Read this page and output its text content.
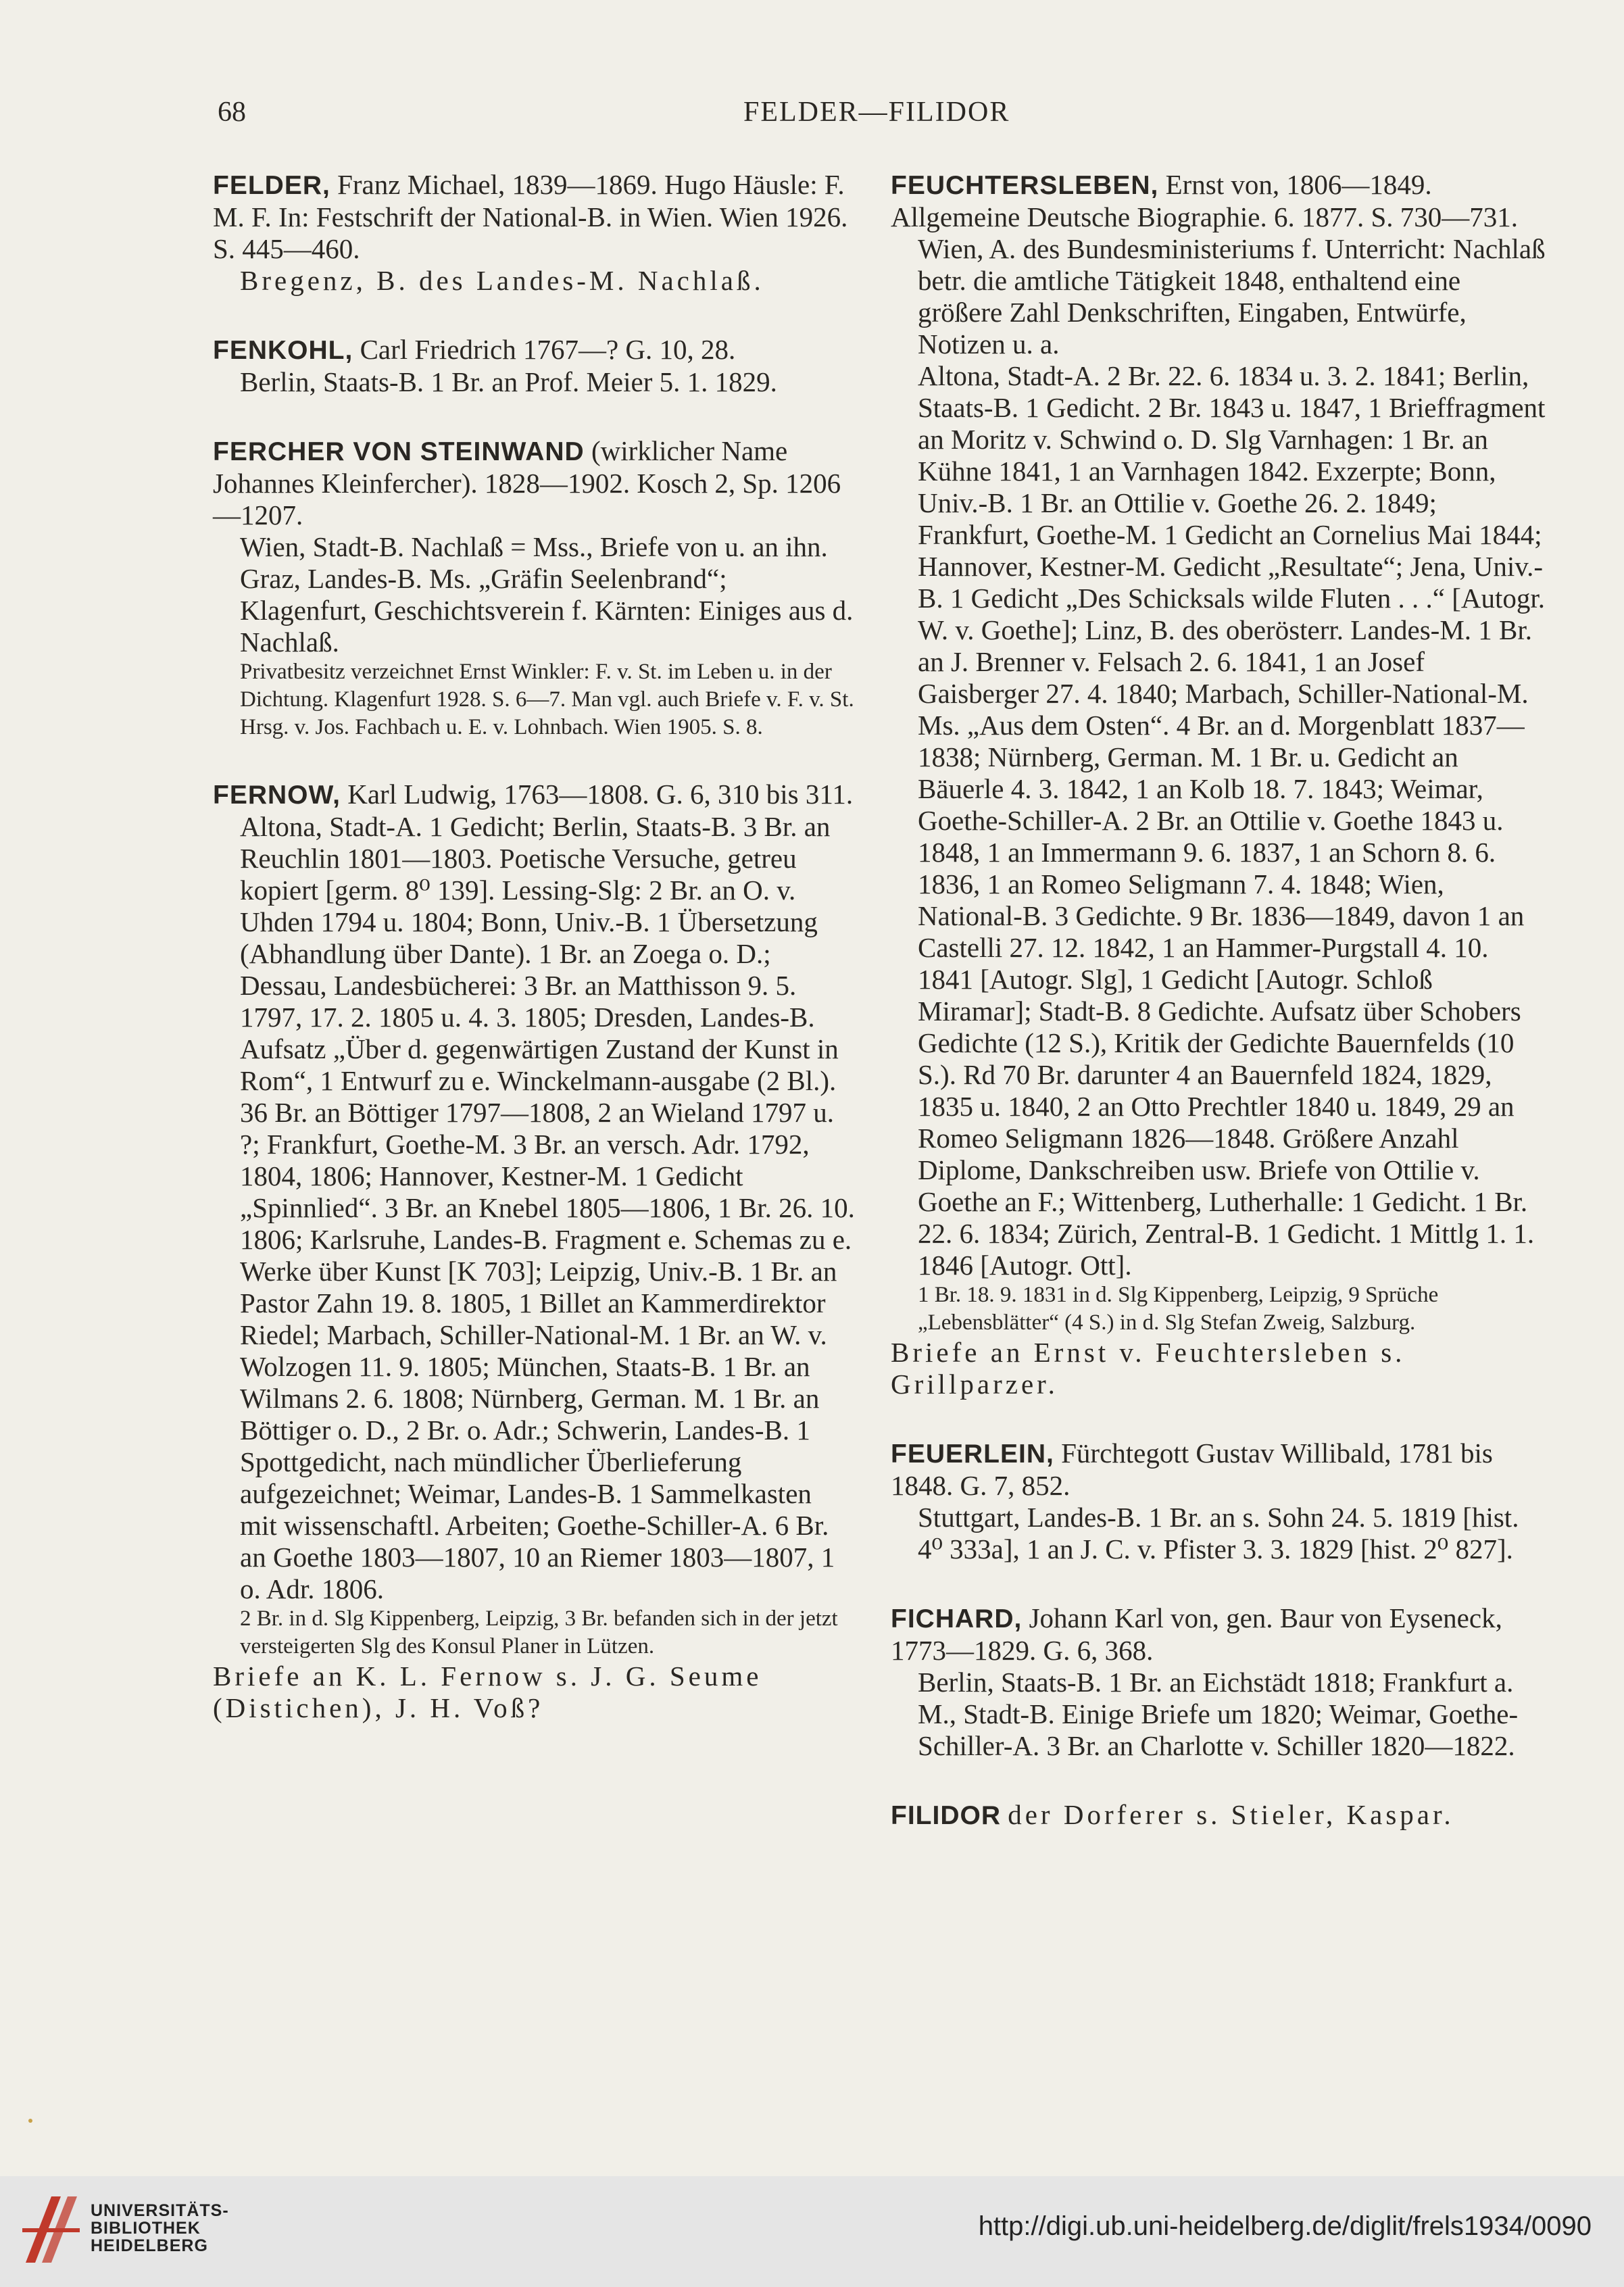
68	FELDER—FILIDOR

FELDER, Franz Michael, 1839—1869. Hugo Häusle: F. M. F. In: Festschrift der National-B. in Wien. Wien 1926. S. 445—460.

Bregenz, B. des Landes-M. Nachlaß.

FENKOHL, Carl Friedrich 1767—? G. 10, 28.

Berlin, Staats-B. 1 Br. an Prof. Meier 5. 1. 1829.

FERCHER VON STEINWAND (wirklicher Name Johannes Kleinfercher). 1828—1902. Kosch 2, Sp. 1206—1207.

Wien, Stadt-B. Nachlaß = Mss., Briefe von u. an ihn.

Graz, Landes-B. Ms. „Gräfin Seelenbrand“; Klagenfurt, Geschichtsverein f. Kärnten: Einiges aus d. Nachlaß.

Privatbesitz verzeichnet Ernst Winkler: F. v. St. im Leben u. in der Dichtung. Klagenfurt 1928. S. 6—7. Man vgl. auch Briefe v. F. v. St. Hrsg. v. Jos. Fachbach u. E. v. Lohnbach. Wien 1905. S. 8.

FERNOW, Karl Ludwig, 1763—1808. G. 6, 310 bis 311.

Altona, Stadt-A. 1 Gedicht; Berlin, Staats-B. 3 Br. an Reuchlin 1801—1803. Poetische Versuche, getreu kopiert [germ. 8⁰ 139]. Lessing-Slg: 2 Br. an O. v. Uhden 1794 u. 1804; Bonn, Univ.-B. 1 Übersetzung (Abhandlung über Dante). 1 Br. an Zoega o. D.; Dessau, Landesbücherei: 3 Br. an Matthisson 9. 5. 1797, 17. 2. 1805 u. 4. 3. 1805; Dresden, Landes-B. Aufsatz „Über d. gegenwärtigen Zustand der Kunst in Rom“, 1 Entwurf zu e. Winckelmann-ausgabe (2 Bl.). 36 Br. an Böttiger 1797—1808, 2 an Wieland 1797 u. ?; Frankfurt, Goethe-M. 3 Br. an versch. Adr. 1792, 1804, 1806; Hannover, Kestner-M. 1 Gedicht „Spinnlied“. 3 Br. an Knebel 1805—1806, 1 Br. 26. 10. 1806; Karlsruhe, Landes-B. Fragment e. Schemas zu e. Werke über Kunst [K 703]; Leipzig, Univ.-B. 1 Br. an Pastor Zahn 19. 8. 1805, 1 Billet an Kammerdirektor Riedel; Marbach, Schiller-National-M. 1 Br. an W. v. Wolzogen 11. 9. 1805; München, Staats-B. 1 Br. an Wilmans 2. 6. 1808; Nürnberg, German. M. 1 Br. an Böttiger o. D., 2 Br. o. Adr.; Schwerin, Landes-B. 1 Spottgedicht, nach mündlicher Überlieferung aufgezeichnet; Weimar, Landes-B. 1 Sammelkasten mit wissenschaftl. Arbeiten; Goethe-Schiller-A. 6 Br. an Goethe 1803—1807, 10 an Riemer 1803—1807, 1 o. Adr. 1806.

2 Br. in d. Slg Kippenberg, Leipzig, 3 Br. befanden sich in der jetzt versteigerten Slg des Konsul Planer in Lützen.

Briefe an K. L. Fernow s. J. G. Seume (Distichen), J. H. Voß?

FEUCHTERSLEBEN, Ernst von, 1806—1849. Allgemeine Deutsche Biographie. 6. 1877. S. 730—731.

Wien, A. des Bundesministeriums f. Unterricht: Nachlaß betr. die amtliche Tätigkeit 1848, enthaltend eine größere Zahl Denkschriften, Eingaben, Entwürfe, Notizen u. a.

Altona, Stadt-A. 2 Br. 22. 6. 1834 u. 3. 2. 1841; Berlin, Staats-B. 1 Gedicht. 2 Br. 1843 u. 1847, 1 Brieffragment an Moritz v. Schwind o. D. Slg Varnhagen: 1 Br. an Kühne 1841, 1 an Varnhagen 1842. Exzerpte; Bonn, Univ.-B. 1 Br. an Ottilie v. Goethe 26. 2. 1849; Frankfurt, Goethe-M. 1 Gedicht an Cornelius Mai 1844; Hannover, Kestner-M. Gedicht „Resultate“; Jena, Univ.-B. 1 Gedicht „Des Schicksals wilde Fluten . . .“ [Autogr. W. v. Goethe]; Linz, B. des oberösterr. Landes-M. 1 Br. an J. Brenner v. Felsach 2. 6. 1841, 1 an Josef Gaisberger 27. 4. 1840; Marbach, Schiller-National-M. Ms. „Aus dem Osten“. 4 Br. an d. Morgenblatt 1837—1838; Nürnberg, German. M. 1 Br. u. Gedicht an Bäuerle 4. 3. 1842, 1 an Kolb 18. 7. 1843; Weimar, Goethe-Schiller-A. 2 Br. an Ottilie v. Goethe 1843 u. 1848, 1 an Immermann 9. 6. 1837, 1 an Schorn 8. 6. 1836, 1 an Romeo Seligmann 7. 4. 1848; Wien, National-B. 3 Gedichte. 9 Br. 1836—1849, davon 1 an Castelli 27. 12. 1842, 1 an Hammer-Purgstall 4. 10. 1841 [Autogr. Slg], 1 Gedicht [Autogr. Schloß Miramar]; Stadt-B. 8 Gedichte. Aufsatz über Schobers Gedichte (12 S.), Kritik der Gedichte Bauernfelds (10 S.). Rd 70 Br. darunter 4 an Bauernfeld 1824, 1829, 1835 u. 1840, 2 an Otto Prechtler 1840 u. 1849, 29 an Romeo Seligmann 1826—1848. Größere Anzahl Diplome, Dankschreiben usw. Briefe von Ottilie v. Goethe an F.; Wittenberg, Lutherhalle: 1 Gedicht. 1 Br. 22. 6. 1834; Zürich, Zentral-B. 1 Gedicht. 1 Mittlg 1. 1. 1846 [Autogr. Ott].

1 Br. 18. 9. 1831 in d. Slg Kippenberg, Leipzig, 9 Sprüche „Lebensblätter“ (4 S.) in d. Slg Stefan Zweig, Salzburg.

Briefe an Ernst v. Feuchtersleben s. Grillparzer.

FEUERLEIN, Fürchtegott Gustav Willibald, 1781 bis 1848. G. 7, 852.

Stuttgart, Landes-B. 1 Br. an s. Sohn 24. 5. 1819 [hist. 4⁰ 333a], 1 an J. C. v. Pfister 3. 3. 1829 [hist. 2⁰ 827].

FICHARD, Johann Karl von, gen. Baur von Eyseneck, 1773—1829. G. 6, 368.

Berlin, Staats-B. 1 Br. an Eichstädt 1818; Frankfurt a. M., Stadt-B. Einige Briefe um 1820; Weimar, Goethe-Schiller-A. 3 Br. an Charlotte v. Schiller 1820—1822.

FILIDOR der Dorferer s. Stieler, Kaspar.

UNIVERSITÄTS-
BIBLIOTHEK
HEIDELBERG
http://digi.ub.uni-heidelberg.de/diglit/frels1934/0090
